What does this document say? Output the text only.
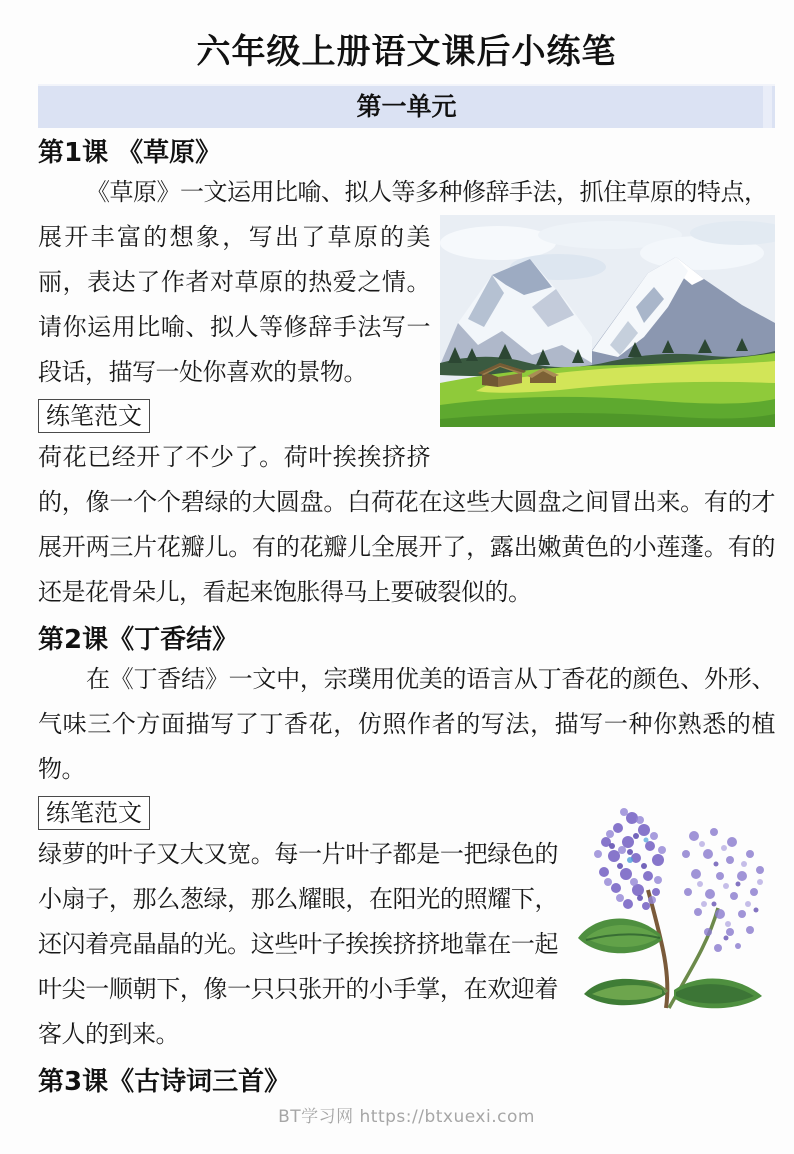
六年级上册语文课后小练笔
第一单元
第1课 《草原》

《草原》一文运用比喻、拟人等多种修辞手法，抓住草原的特点，

展开丰富的想象，写出了草原的美丽，表达了作者对草原的热爱之情。 请你运用比喻、拟人等修辞手法写一段话，描写一处你喜欢的景物。

练笔范文

荷花已经开了不少了。荷叶挨挨挤挤的，像一个个碧绿的大圆盘。白荷花在这些大圆盘之间冒出来。有的才展开两三片花瓣儿。有的花瓣儿全展开了，露出嫩黄色的小莲蓬。有的还是花骨朵儿，看起来饱胀得马上要破裂似的。

第2课《丁香结》

在《丁香结》一文中，宗璞用优美的语言从丁香花的颜色、外形、气味三个方面描写了丁香花，仿照作者的写法，描写一种你熟悉的植物。

练笔范文

绿萝的叶子又大又宽。每一片叶子都是一把绿色的小扇子，那么葱绿，那么耀眼，在阳光的照耀下，还闪着亮晶晶的光。这些叶子挨挨挤挤地靠在一起叶尖一顺朝下，像一只只张开的小手掌，在欢迎着客人的到来。

第3课《古诗词三首》
BT学习网 https://btxuexi.com
